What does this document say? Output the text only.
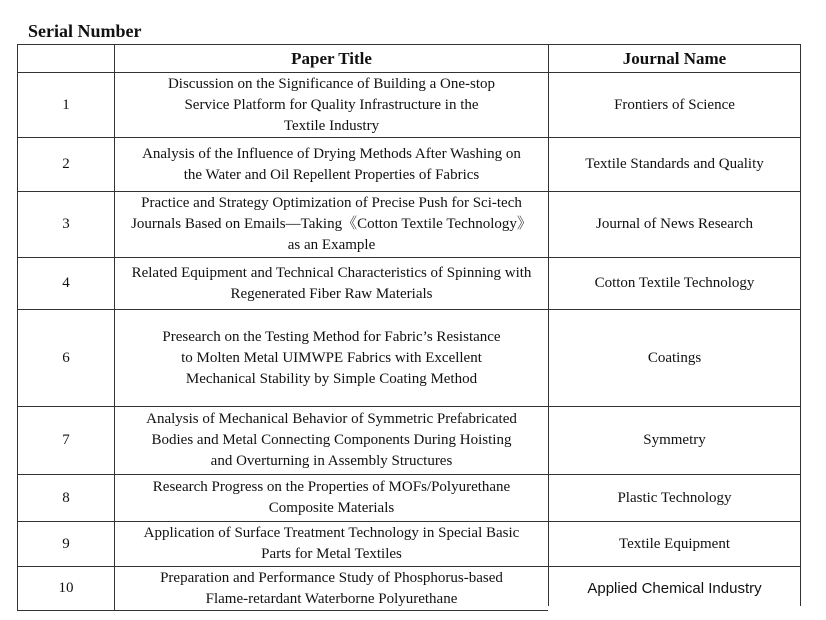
Serial Number
	Paper Title	Journal Name
1	Discussion on the Significance of Building a One-stop
Service Platform for Quality Infrastructure in the
Textile Industry	Frontiers of Science
2	Analysis of the Influence of Drying Methods After Washing on
the Water and Oil Repellent Properties of Fabrics	Textile Standards and Quality
3	Practice and Strategy Optimization of Precise Push for Sci-tech
Journals Based on Emails—Taking《Cotton Textile Technology》
as an Example	Journal of News Research
4	Related Equipment and Technical Characteristics of Spinning with
Regenerated Fiber Raw Materials	Cotton Textile Technology
6	Presearch on the Testing Method for Fabric’s Resistance
to Molten Metal UIMWPE Fabrics with Excellent
Mechanical Stability by Simple Coating Method	Coatings
7	Analysis of Mechanical Behavior of Symmetric Prefabricated
Bodies and Metal Connecting Components During Hoisting
and Overturning in Assembly Structures	Symmetry
8	Research Progress on the Properties of MOFs/Polyurethane
Composite Materials	Plastic Technology
9	Application of Surface Treatment Technology in Special Basic
Parts for Metal Textiles	Textile Equipment
10	Preparation and Performance Study of Phosphorus-based
Flame-retardant Waterborne Polyurethane	Applied Chemical Industry
